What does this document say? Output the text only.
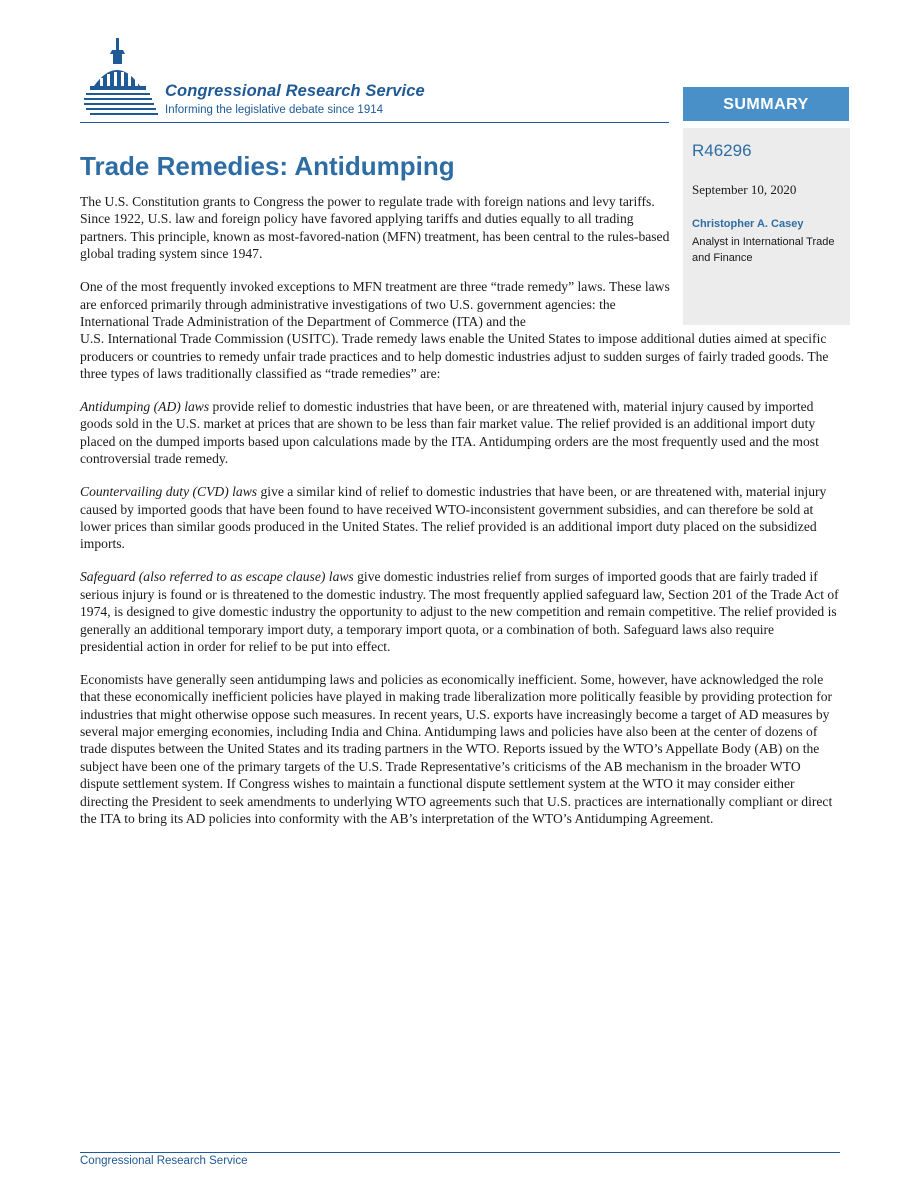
Congressional Research Service
Informing the legislative debate since 1914	SUMMARY
R46296
September 10, 2020
Christopher A. Casey
Analyst in International Trade and Finance
Trade Remedies: Antidumping

The U.S. Constitution grants to Congress the power to regulate trade with foreign nations and levy tariffs. Since 1922, U.S. law and foreign policy have favored applying tariffs and duties equally to all trading partners. This principle, known as most-favored-nation (MFN) treatment, has been central to the rules-based global trading system since 1947.

One of the most frequently invoked exceptions to MFN treatment are three “trade remedy” laws. These laws are enforced primarily through administrative investigations of two U.S. government agencies: the International Trade Administration of the Department of Commerce (ITA) and the
U.S. International Trade Commission (USITC). Trade remedy laws enable the United States to impose additional duties aimed at specific producers or countries to remedy unfair trade practices and to help domestic industries adjust to sudden surges of fairly traded goods. The three types of laws traditionally classified as “trade remedies” are:

Antidumping (AD) laws provide relief to domestic industries that have been, or are threatened with, material injury caused by imported goods sold in the U.S. market at prices that are shown to be less than fair market value. The relief provided is an additional import duty placed on the dumped imports based upon calculations made by the ITA. Antidumping orders are the most frequently used and the most controversial trade remedy.

Countervailing duty (CVD) laws give a similar kind of relief to domestic industries that have been, or are threatened with, material injury caused by imported goods that have been found to have received WTO-inconsistent government subsidies, and can therefore be sold at lower prices than similar goods produced in the United States. The relief provided is an additional import duty placed on the subsidized imports.

Safeguard (also referred to as escape clause) laws give domestic industries relief from surges of imported goods that are fairly traded if serious injury is found or is threatened to the domestic industry. The most frequently applied safeguard law, Section 201 of the Trade Act of 1974, is designed to give domestic industry the opportunity to adjust to the new competition and remain competitive. The relief provided is generally an additional temporary import duty, a temporary import quota, or a combination of both. Safeguard laws also require presidential action in order for relief to be put into effect.

Economists have generally seen antidumping laws and policies as economically inefficient. Some, however, have acknowledged the role that these economically inefficient policies have played in making trade liberalization more politically feasible by providing protection for industries that might otherwise oppose such measures. In recent years, U.S. exports have increasingly become a target of AD measures by several major emerging economies, including India and China. Antidumping laws and policies have also been at the center of dozens of trade disputes between the United States and its trading partners in the WTO. Reports issued by the WTO’s Appellate Body (AB) on the subject have been one of the primary targets of the U.S. Trade Representative’s criticisms of the AB mechanism in the broader WTO dispute settlement system. If Congress wishes to maintain a functional dispute settlement system at the WTO it may consider either directing the President to seek amendments to underlying WTO agreements such that U.S. practices are internationally compliant or direct the ITA to bring its AD policies into conformity with the AB’s interpretation of the WTO’s Antidumping Agreement.

Congressional Research Service
